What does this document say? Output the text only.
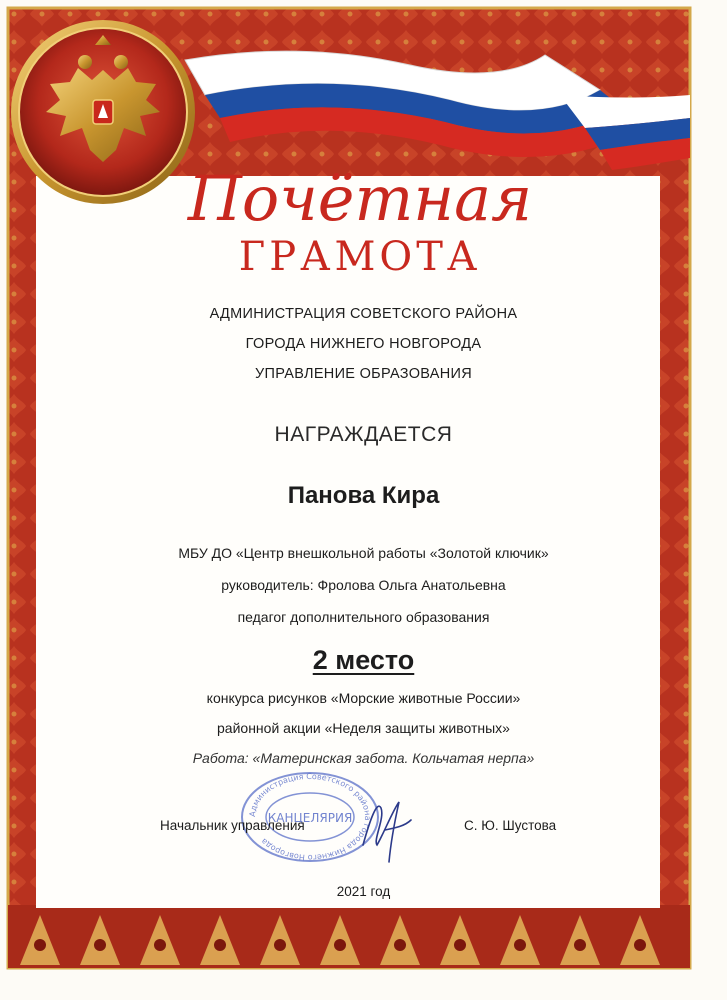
Почётная
ГРАМОТА
АДМИНИСТРАЦИЯ СОВЕТСКОГО РАЙОНА
ГОРОДА НИЖНЕГО НОВГОРОДА
УПРАВЛЕНИЕ ОБРАЗОВАНИЯ
НАГРАЖДАЕТСЯ
Панова Кира
МБУ ДО «Центр внешкольной работы «Золотой ключик»
руководитель: Фролова Ольга Анатольевна
педагог дополнительного образования
2 место
конкурса рисунков «Морские животные России»
районной акции «Неделя защиты животных»
Работа: «Материнская забота. Кольчатая нерпа»
Администрация Советского района города Нижнего Новгорода
КАНЦЕЛЯРИЯ
Начальник управления	С. Ю. Шустова
2021 год
